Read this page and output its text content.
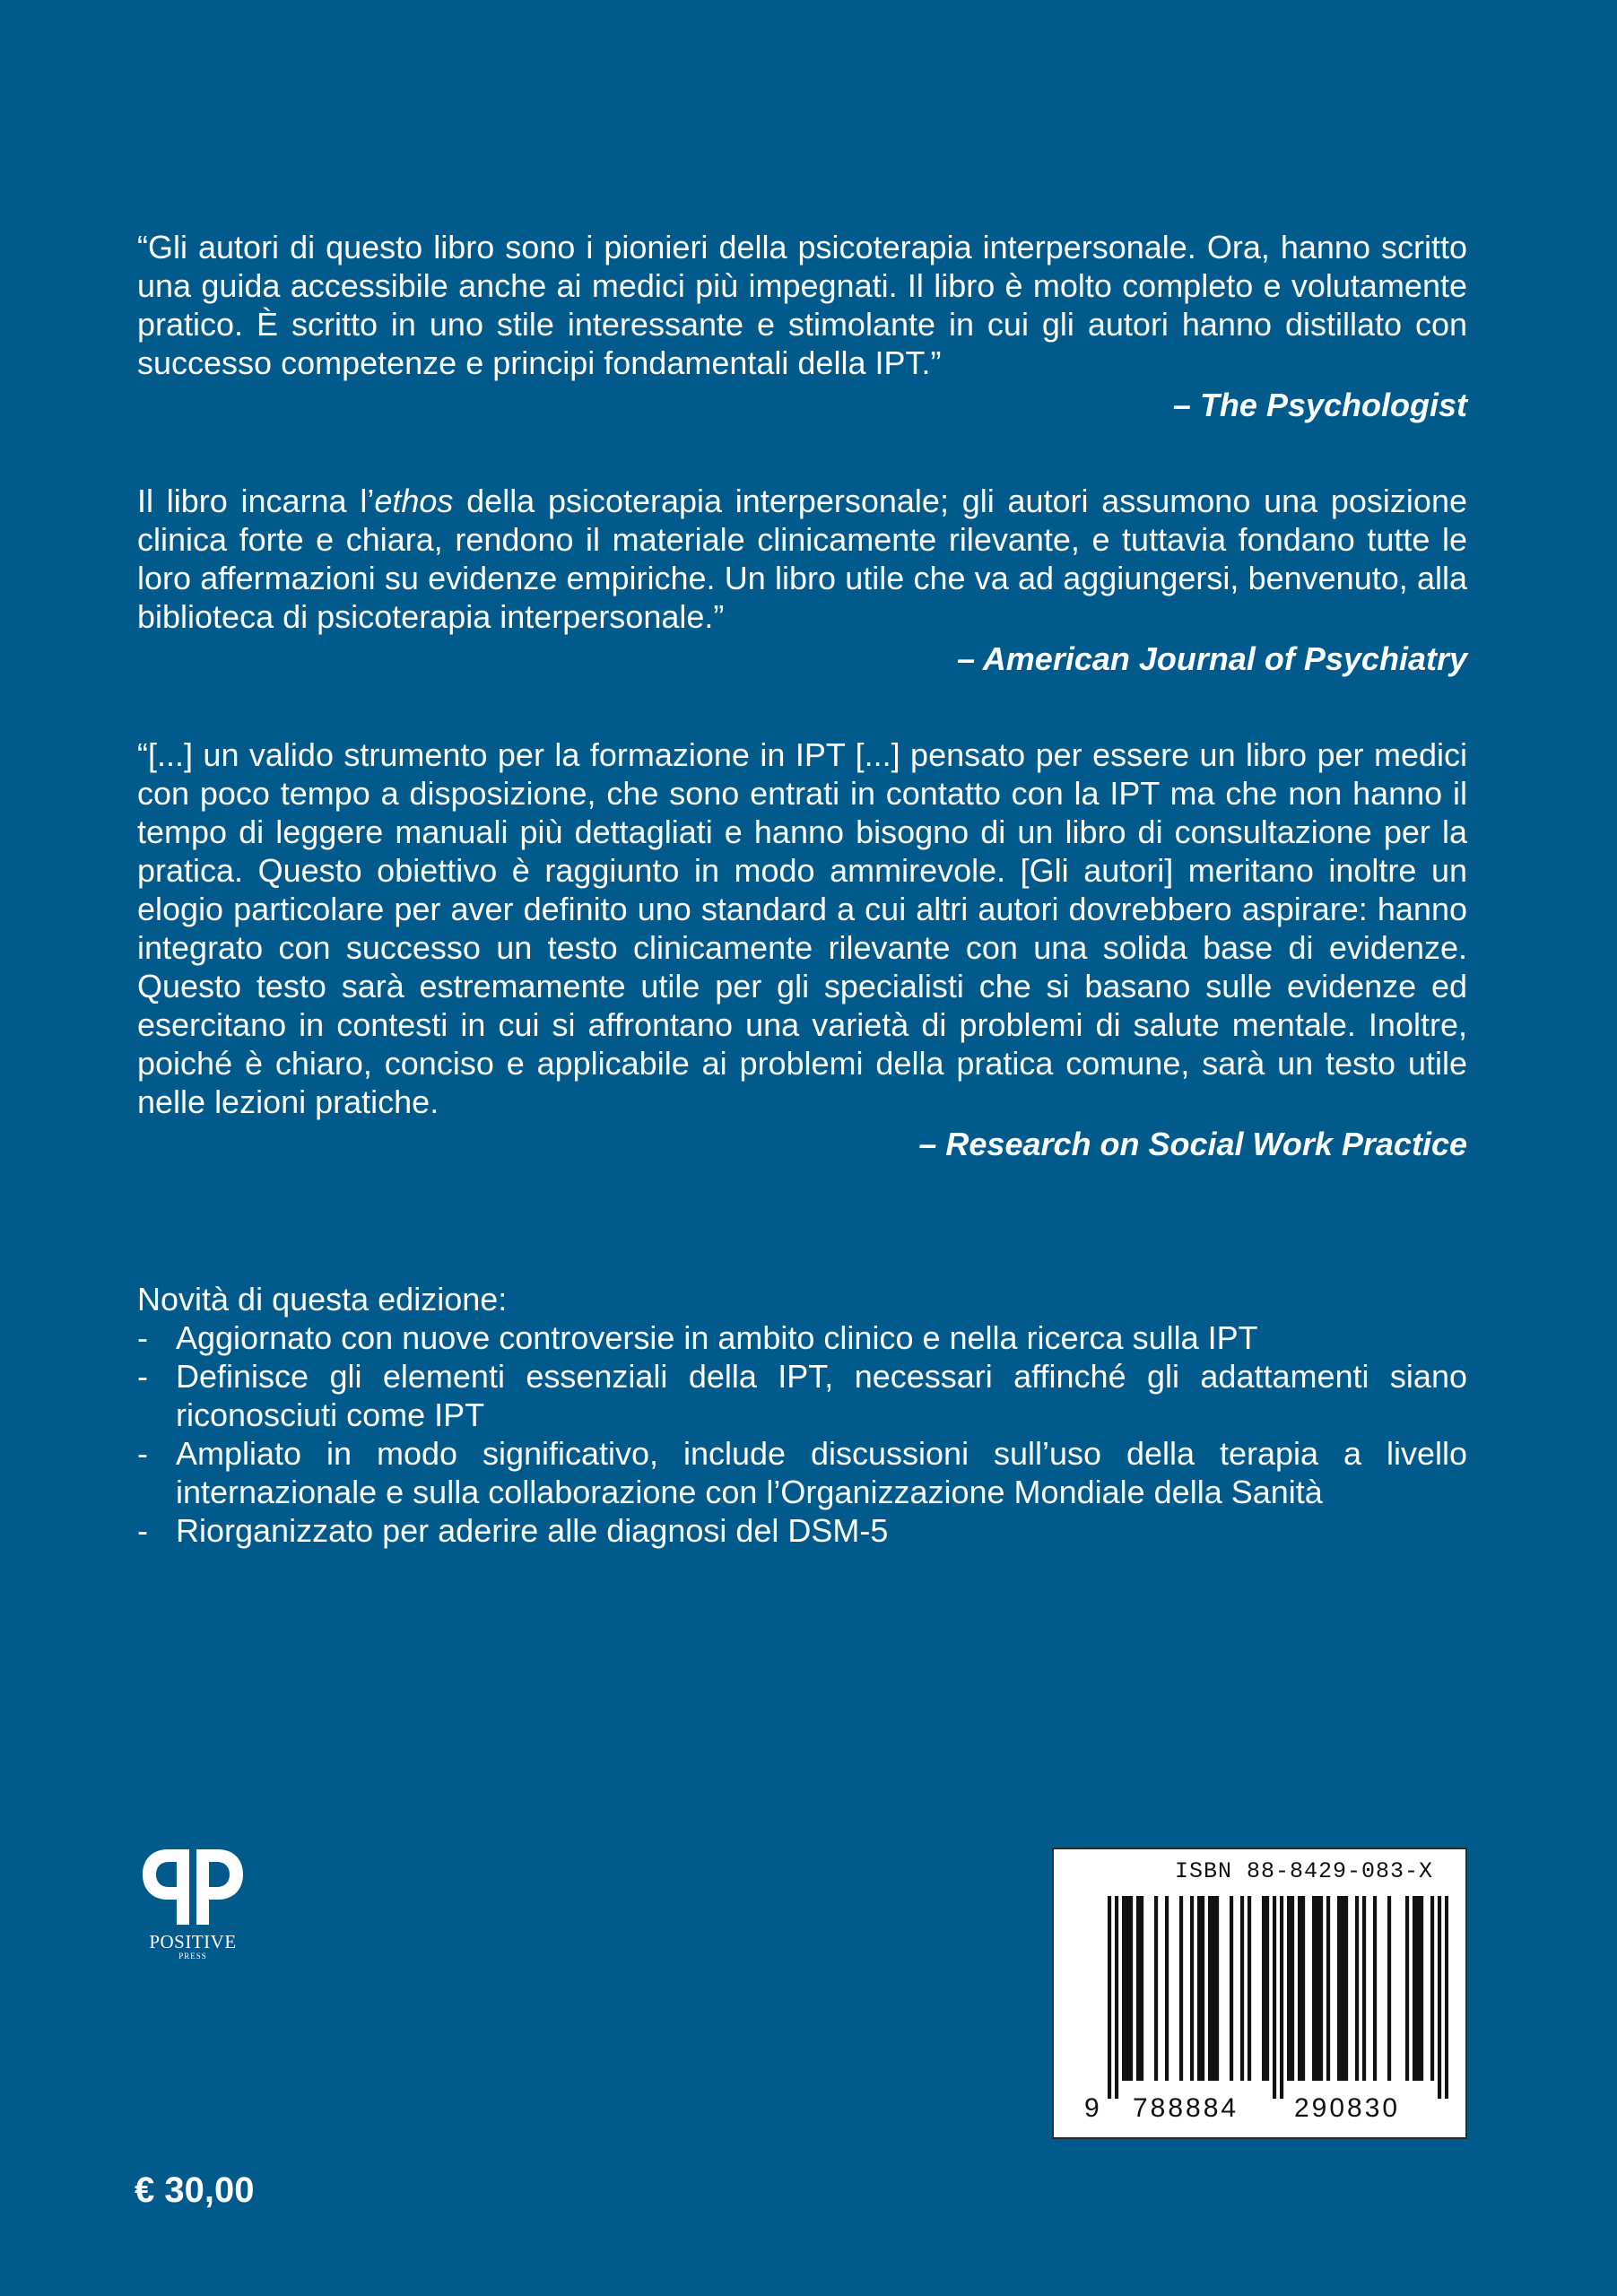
“Gli autori di questo libro sono i pionieri della psicoterapia interpersonale. Ora, hanno scritto una guida accessibile anche ai medici più impegnati. Il libro è molto completo e volutamente pratico. È scritto in uno stile interessante e stimolante in cui gli autori hanno distillato con successo competenze e principi fondamentali della IPT.”

– The Psychologist

Il libro incarna l’ethos della psicoterapia interpersonale; gli autori assumono una posizione clinica forte e chiara, rendono il materiale clinicamente rilevante, e tuttavia fondano tutte le loro affermazioni su evidenze empiriche. Un libro utile che va ad aggiungersi, benvenuto, alla biblioteca di psicoterapia interpersonale.”

– American Journal of Psychiatry

“[...] un valido strumento per la formazione in IPT [...] pensato per essere un libro per medici con poco tempo a disposizione, che sono entrati in contatto con la IPT ma che non hanno il tempo di leggere manuali più dettagliati e hanno bisogno di un libro di consultazione per la pratica. Questo obiettivo è raggiunto in modo ammirevole. [Gli autori] meritano inoltre un elogio particolare per aver definito uno standard a cui altri autori dovrebbero aspirare: hanno integrato con successo un testo clinicamente rilevante con una solida base di evidenze. Questo testo sarà estremamente utile per gli specialisti che si basano sulle evidenze ed esercitano in contesti in cui si affrontano una varietà di problemi di salute mentale. Inoltre, poiché è chiaro, conciso e applicabile ai problemi della pratica comune, sarà un testo utile nelle lezioni pratiche.

– Research on Social Work Practice

Novità di questa edizione:

- Aggiornato con nuove controversie in ambito clinico e nella ricerca sulla IPT
- Definisce gli elementi essenziali della IPT, necessari affinché gli adattamenti siano riconosciuti come IPT
- Ampliato in modo significativo, include discussioni sull’uso della terapia a livello internazionale e sulla collaborazione con l’Organizzazione Mondiale della Sanità
- Riorganizzato per aderire alle diagnosi del DSM-5
POSITIVE
PRESS
€ 30,00
ISBN 88-8429-083-X
9 788884 290830
